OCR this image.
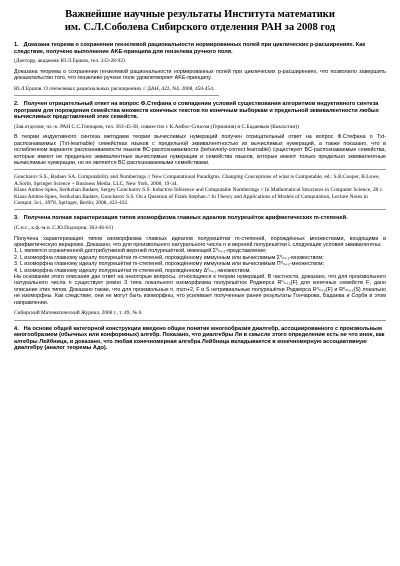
Важнейшие научные результаты Института математики
им. С.Л.Соболева Сибирского отделения РАН за 2008 год
1. Доказана теорема о сохранении гензелевой рациональности нормированных полей при циклических p-расширениях. Как следствие, получено выполнение AKE-принципа для гензелева ручного поля.
(Докторр, академик Ю.Л.Ершов, тел. 333-28-92)
Доказана теорема о сохранении гензелевой рациональности нормированных полей при циклических p-расширениях, что позволило завершить доказательство того, что гензелево ручное поле удовлетворяет AKE-принципу.
Ю.Л.Ершов. О гензелевых рациональных расширениях // ДАН, 422, N4, 2008, 450-454.
2. Получен отрицательный ответ на вопрос Ф.Стефана о совпадении условий существования алгоритмов индуктивного синтеза программ для порождения семейства множеств конечных текстов по конечным выборкам и предельной эквивалентности любых вычислимых представлений этих семейств.
(Зав.отделом, чл.-к. РАН С.С.Гончаров, тел. 363-45-38, совместно с К.Амбос-Списом (Германия) и С.Бадаевым (Казахстан))
В теории индуктивного синтеза методами теории вычислимых нумераций получен отрицательный ответ на вопрос Ф.Стефана о Txt-распознаваемых (Txt-learnable) семействах языков с предельной эквивалентностью их вычислимых нумераций, а также показано, что в ослабленном варианте распознаваемости языков BC-распознаваемости (behaviorly-correct learnable) существуют BC-распознаваемые семейства, которые имеют не предельно эквивалентные вычислимые нумерации и семейства языков, которые имеют только предельно эквивалентные вычислимые нумерации, но не являются BC-распознаваемыми семействами.
Goncharov S.S., Badaev SA. Computability and Numberings // New Computational Paradigms. Changing Conceptions of what is Computable, ed.: S.B.Cooper, B.Lowe, A.Sorbi, Springer Science + Business Media, LLC, New York, 2008, 19-34.
Klaus Ambos-Spies, Serikzhan Badaev, Sergey Goncharov S.S. Inductive Inference and Computable Numberings // In Mathematical Structures in Computer Science, 28 c.
Klaus Ambos-Spies, Serikzhan Badaev, Goncharov S.S. On a Question of Frank Stephan // In Theory and Applications of Models of Computation, Lecture Notes in Comput. Sci., 4978, Springer, Berlin, 2008, 423-432.
3. Получена полная характеризация типов изоморфизма главных идеалов полурешёток арифметических m-степеней.
(С.н.с., к.ф.-м.н. С.Ю.Подзоров, 363-46-61)
Получена характеризация типов изоморфизма главных идеалов полурешётки m-степеней, порождённых множествами, входящими в арифметическую иерархию. Доказано, что для произвольного натурального числа n и верхней полурешётки L следующие условия эквивалентны:
1. L является ограниченной дистрибутивной верхней полурешёткой, имеющей Σ⁰ₙ₊₃-представление;
2. L изоморфна главному идеалу полурешётки m-степеней, порождённому иммунным или вычислимым Σ⁰ₙ₊₃-множеством;
3. L изоморфна главному идеалу полурешётки m-степеней, порождённому иммунным или вычислимым Π⁰ₙ₊₃-множеством;
4. L изоморфна главному идеалу полурешётки m-степеней, порождённому Δ⁰ₙ₊₃-множеством.
На основании этого описания дан ответ на некоторые вопросы, относящиеся к теории нумераций. В частности, доказано, что для произвольного натурального числа n существует ровно 3 типа локального изоморфизма полурешёток Роджерса R⁰ₙ₊₂(F) для конечных семейств F; дано описание этих типов. Доказано также, что для произвольных n, m≥n+2, F и S нетривиальные полурешётки Роджерса R⁰ₙ₊₂(F) и R⁰ₘ₊₂(S) локально не изоморфны. Как следствие, они не могут быть изоморфны, что усиливает полученные ранее результаты Гончарова, Бадаева и Сорби в этом направлении.
Сибирский Математический Журнал, 2008 г., т. 49, № 6.
4. На основе общей категорной конструкции введено общее понятие многообразия диалгебр, ассоциированного с произвольным многообразием (обычных или конформных) алгебр. Показано, что диалгебры Ли в смысле этого определения есть не что иное, как алгебры Лейбница, и доказано, что любая конечномерная алгебра Лейбница вкладывается в конечномерную ассоциативную диалгебру (аналог теоремы Адо).
